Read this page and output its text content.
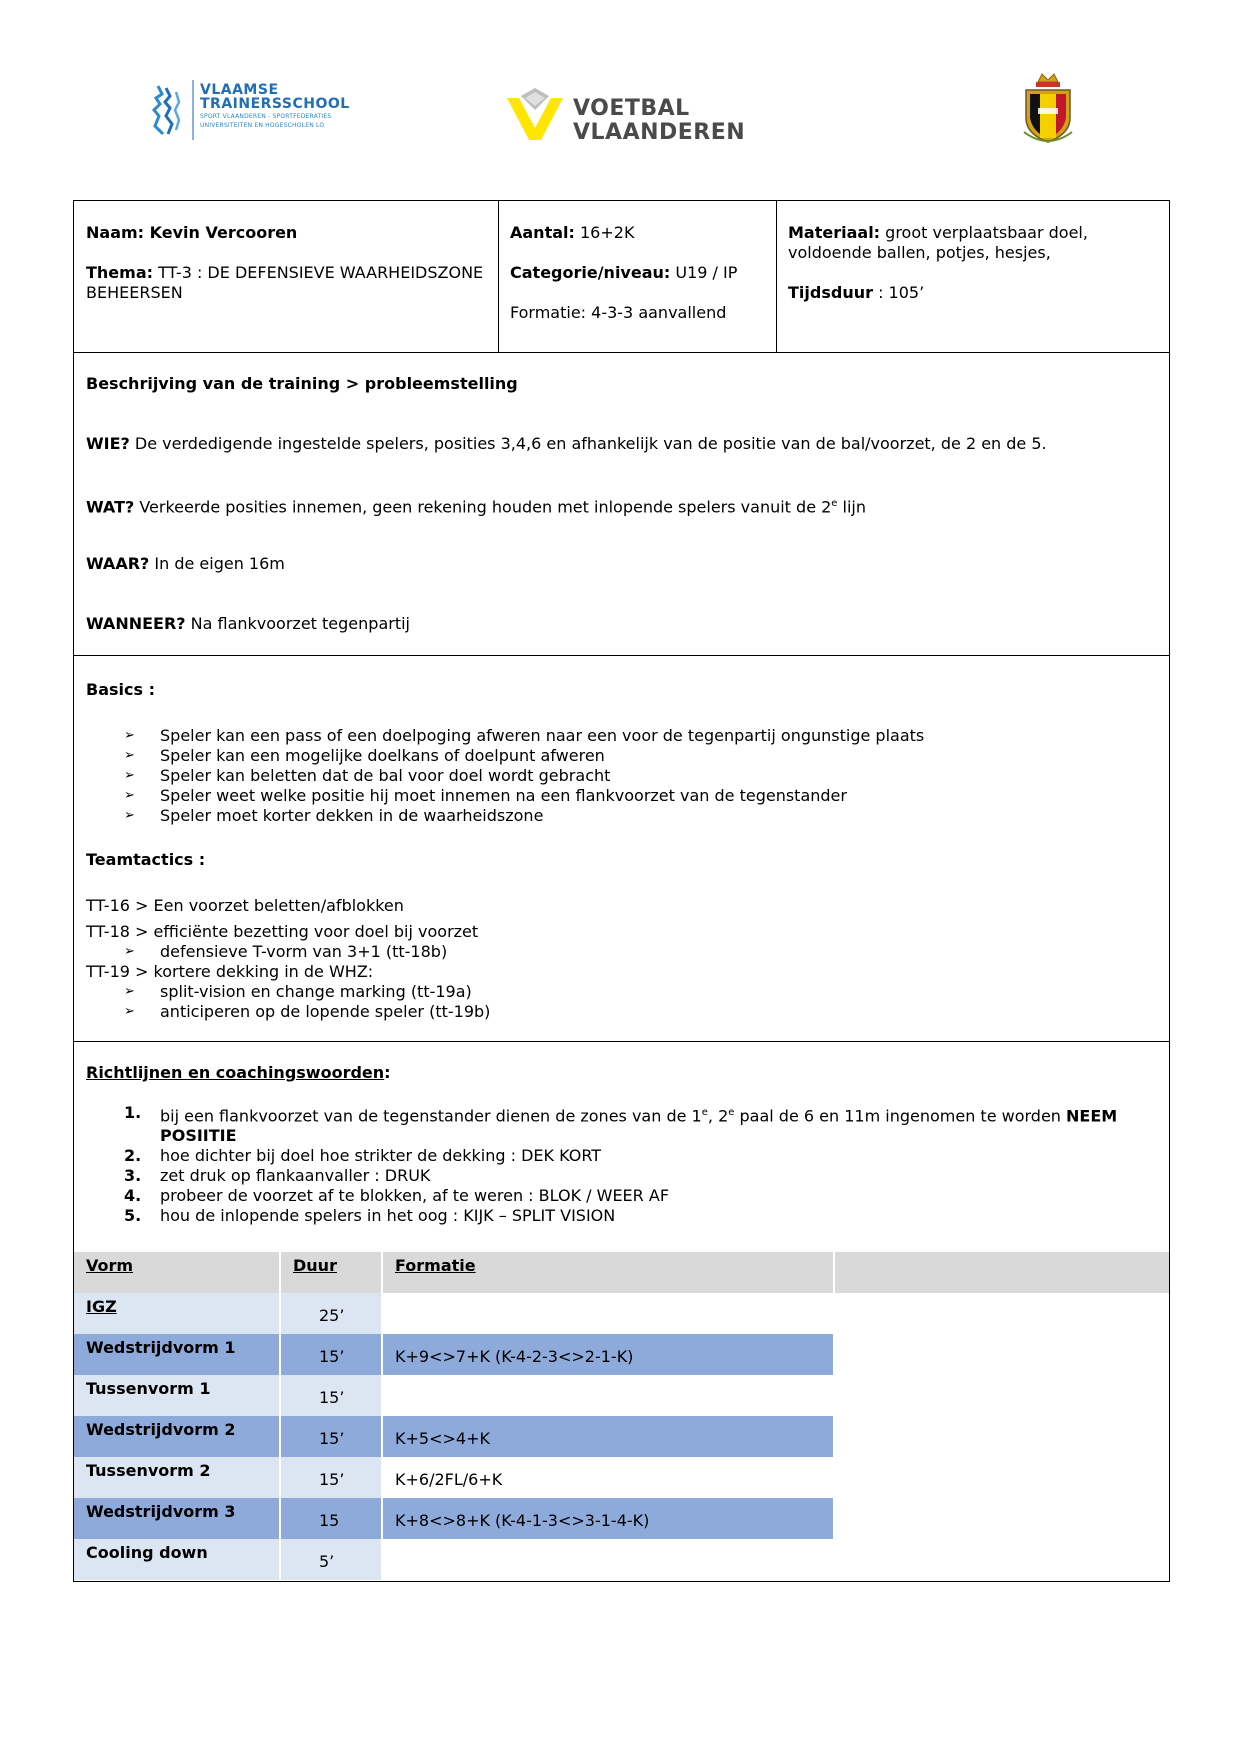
VLAAMSE
TRAINERSSCHOOL
SPORT VLAANDEREN - SPORTFEDERATIES
UNIVERSITEITEN EN HOGESCHOLEN LO
VOETBAL
VLAANDEREN
Naam: Kevin Vercooren
Thema: TT-3 : DE DEFENSIEVE WAARHEIDSZONE BEHEERSEN
Aantal: 16+2K
Categorie/niveau: U19 / IP
Formatie: 4-3-3 aanvallend
Materiaal: groot verplaatsbaar doel, voldoende ballen, potjes, hesjes,
Tijdsduur : 105’

Beschrijving van de training > probleemstelling

WIE? De verdedigende ingestelde spelers, posities 3,4,6 en afhankelijk van de positie van de bal/voorzet, de 2 en de 5.

WAT? Verkeerde posities innemen, geen rekening houden met inlopende spelers vanuit de 2e lijn

WAAR? In de eigen 16m

WANNEER? Na flankvoorzet tegenpartij

Basics :
➢ Speler kan een pass of een doelpoging afweren naar een voor de tegenpartij ongunstige plaats
➢ Speler kan een mogelijke doelkans of doelpunt afweren
➢ Speler kan beletten dat de bal voor doel wordt gebracht
➢ Speler weet welke positie hij moet innemen na een flankvoorzet van de tegenstander
➢ Speler moet korter dekken in de waarheidszone
Teamtactics :
TT-16 > Een voorzet beletten/afblokken
TT-18 > efficiënte bezetting voor doel bij voorzet
➢ defensieve T-vorm van 3+1 (tt-18b)
TT-19 > kortere dekking in de WHZ:
➢ split-vision en change marking (tt-19a)
➢ anticiperen op de lopende speler (tt-19b)
Richtlijnen en coachingswoorden:
1. bij een flankvoorzet van de tegenstander dienen de zones van de 1e, 2e paal de 6 en 11m ingenomen te worden NEEM POSIITIE
2. hoe dichter bij doel hoe strikter de dekking : DEK KORT
3. zet druk op flankaanvaller : DRUK
4. probeer de voorzet af te blokken, af te weren : BLOK / WEER AF
5. hou de inlopende spelers in het oog : KIJK – SPLIT VISION
Vorm	Duur	Formatie
IGZ	25’
Wedstrijdvorm 1	15’	K+9<>7+K (K-4-2-3<>2-1-K)
Tussenvorm 1	15’
Wedstrijdvorm 2	15’	K+5<>4+K
Tussenvorm 2	15’	K+6/2FL/6+K
Wedstrijdvorm 3	15	K+8<>8+K (K-4-1-3<>3-1-4-K)
Cooling down	5’
